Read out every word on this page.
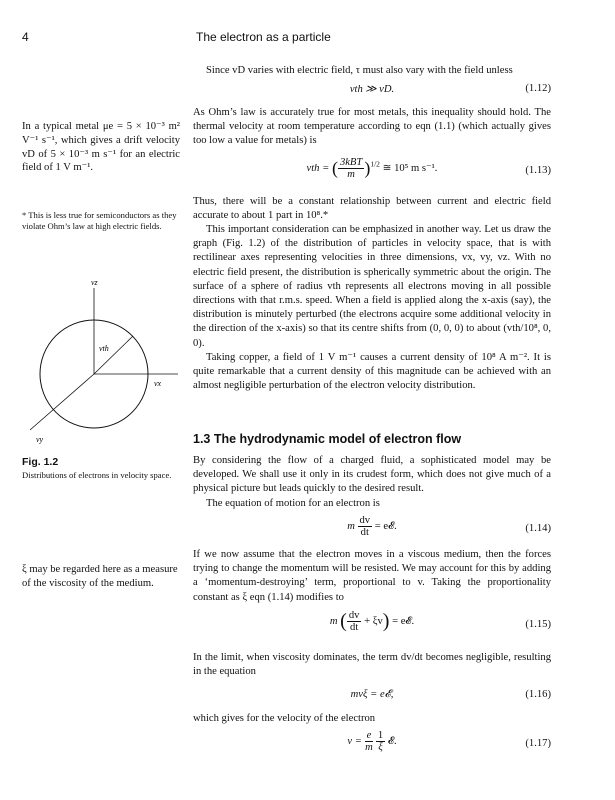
4	The electron as a particle

Since vD varies with electric field, τ must also vary with the field unless

vth ≫ vD.	(1.12)

As Ohm’s law is accurately true for most metals, this inequality should hold. The thermal velocity at room temperature according to eqn (1.1) (which actually gives too low a value for metals) is

vth = ( $\frac{\text{3kBT}}{m} )^{1/2}$ ≅ 10⁵ m s⁻¹.	(1.13)

Thus, there will be a constant relationship between current and electric field accurate to about 1 part in 10⁸.*

This important consideration can be emphasized in another way. Let us draw the graph (Fig. 1.2) of the distribution of particles in velocity space, that is with rectilinear axes representing velocities in three dimensions, vx, vy, vz. With no electric field present, the distribution is spherically symmetric about the origin. The surface of a sphere of radius vth represents all electrons moving in all possible directions with that r.m.s. speed. When a field is applied along the x-axis (say), the distribution is minutely perturbed (the electrons acquire some additional velocity in the direction of the x-axis) so that its centre shifts from (0, 0, 0) to about (vth/10⁸, 0, 0).

Taking copper, a field of 1 V m⁻¹ causes a current density of 10⁸ A m⁻². It is quite remarkable that a current density of this magnitude can be achieved with an almost negligible perturbation of the electron velocity distribution.

1.3 The hydrodynamic model of electron flow

By considering the flow of a charged fluid, a sophisticated model may be developed. We shall use it only in its crudest form, which does not give much of a physical picture but leads quickly to the desired result.

The equation of motion for an electron is

m $\frac{dv}{dt}$ = e𝓔.	(1.14)

If we now assume that the electron moves in a viscous medium, then the forces trying to change the momentum will be resisted. We may account for this by adding a ‘momentum-destroying’ term, proportional to v. Taking the proportionality constant as ξ eqn (1.14) modifies to

m ( $\frac{dv}{dt} + \xi v$) = e𝓔.	(1.15)

In the limit, when viscosity dominates, the term dv/dt becomes negligible, resulting in the equation

mvξ = e𝓔,	(1.16)

which gives for the velocity of the electron

$v = \frac{e}{m}$
$\frac{1}{\xi}$ 𝓔.	(1.17)
In a typical metal μe = 5 × 10⁻³ m² V⁻¹ s⁻¹, which gives a drift velocity vD of 5 × 10⁻³ m s⁻¹ for an electric field of 1 V m⁻¹.
* This is less true for semiconductors as they violate Ohm’s law at high electric fields.
vz
vth
vx
vy
Fig. 1.2
Distributions of electrons in velocity space.
ξ may be regarded here as a measure of the viscosity of the medium.
